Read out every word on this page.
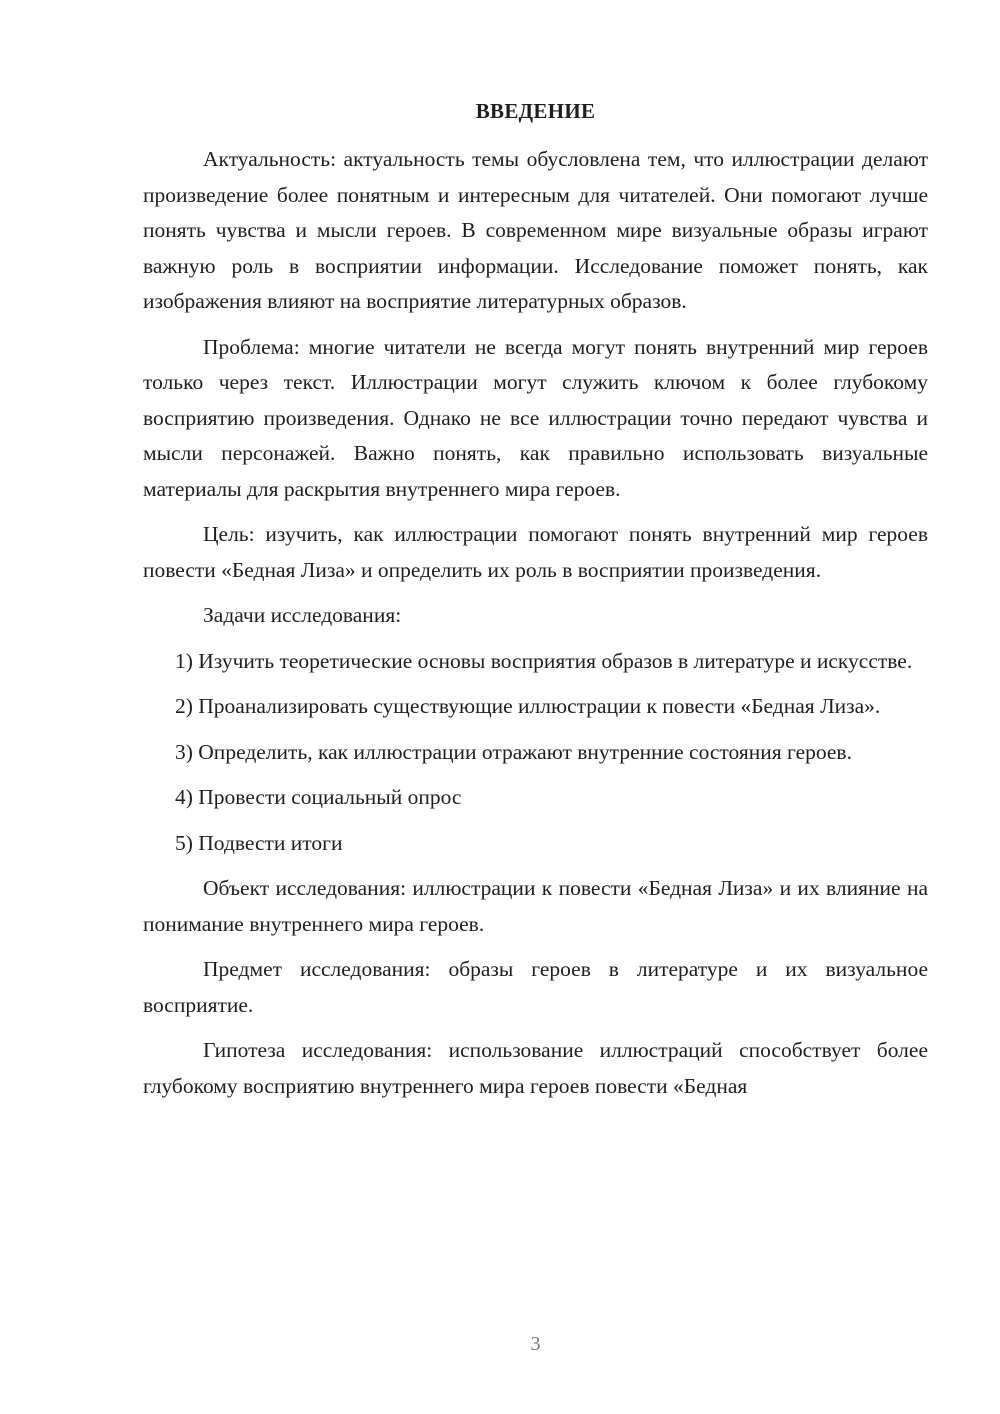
ВВЕДЕНИЕ

Актуальность: актуальность темы обусловлена тем, что иллюстрации делают произведение более понятным и интересным для читателей. Они помогают лучше понять чувства и мысли героев. В современном мире визуальные образы играют важную роль в восприятии информации. Исследование поможет понять, как изображения влияют на восприятие литературных образов.

Проблема: многие читатели не всегда могут понять внутренний мир героев только через текст. Иллюстрации могут служить ключом к более глубокому восприятию произведения. Однако не все иллюстрации точно передают чувства и мысли персонажей. Важно понять, как правильно использовать визуальные материалы для раскрытия внутреннего мира героев.

Цель: изучить, как иллюстрации помогают понять внутренний мир героев повести «Бедная Лиза» и определить их роль в восприятии произведения.

Задачи исследования:

1) Изучить теоретические основы восприятия образов в литературе и искусстве.

2) Проанализировать существующие иллюстрации к повести «Бедная Лиза».

3) Определить, как иллюстрации отражают внутренние состояния героев.

4) Провести социальный опрос

5) Подвести итоги

Объект исследования: иллюстрации к повести «Бедная Лиза» и их влияние на понимание внутреннего мира героев.

Предмет исследования: образы героев в литературе и их визуальное восприятие.

Гипотеза исследования: использование иллюстраций способствует более глубокому восприятию внутреннего мира героев повести «Бедная

3
